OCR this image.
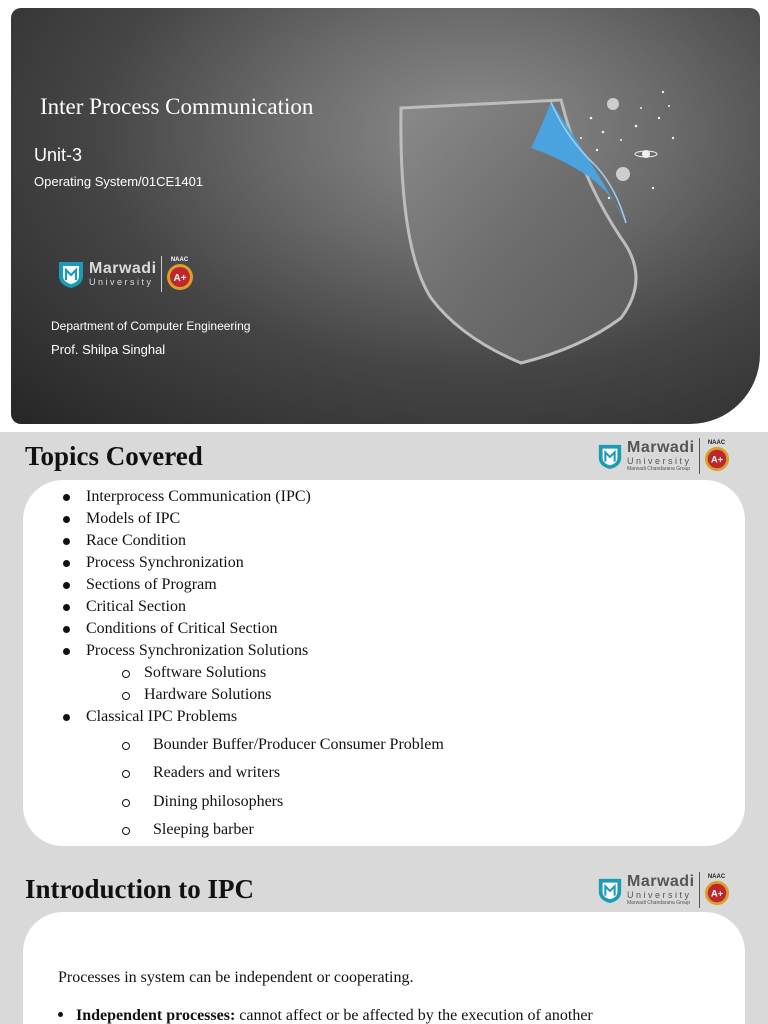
Inter Process Communication
Unit-3
Operating System/01CE1401
Marwadi
University
NAAC
A+
Department of Computer Engineering
Prof. Shilpa Singhal
Topics Covered	Marwadi
University
Marwadi Chandarana Group
NAAC
A+
Interprocess Communication (IPC)
Models of IPC
Race Condition
Process Synchronization
Sections of Program
Critical Section
Conditions of Critical Section
Process Synchronization Solutions
Software Solutions
Hardware Solutions
Classical IPC Problems
Bounder Buffer/Producer Consumer Problem
Readers and writers
Dining philosophers
Sleeping barber
Introduction to IPC	Marwadi
University
Marwadi Chandarana Group
NAAC
A+
Processes in system can be independent or cooperating.
Independent processes: cannot affect or be affected by the execution of another
